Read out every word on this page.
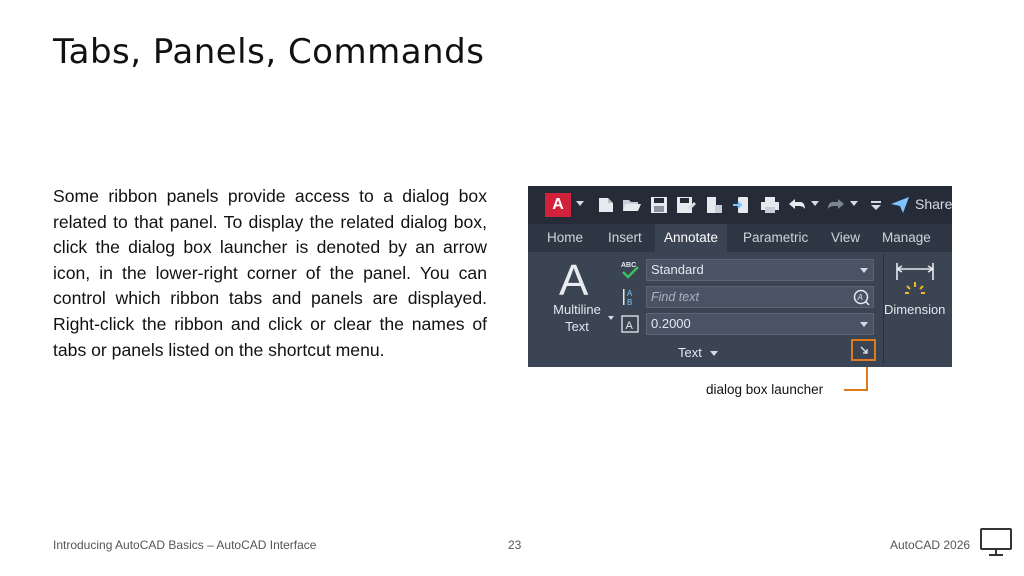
Tabs, Panels, Commands
Some ribbon panels provide access to a dialog box related to that panel. To display the related dialog box, click the dialog box launcher is denoted by an arrow icon, in the lower-right corner of the panel. You can control which ribbon tabs and panels are displayed. Right-click the ribbon and click or clear the names of tabs or panels listed on the shortcut menu.
A	Share
Home Insert	Annotate	Parametric View Manage
A
Multiline
Text
ABC	Standard
A
B	Find text	A
A	0.2000
Text
Dimension
dialog box launcher
Introducing AutoCAD Basics – AutoCAD Interface	23	AutoCAD 2026
